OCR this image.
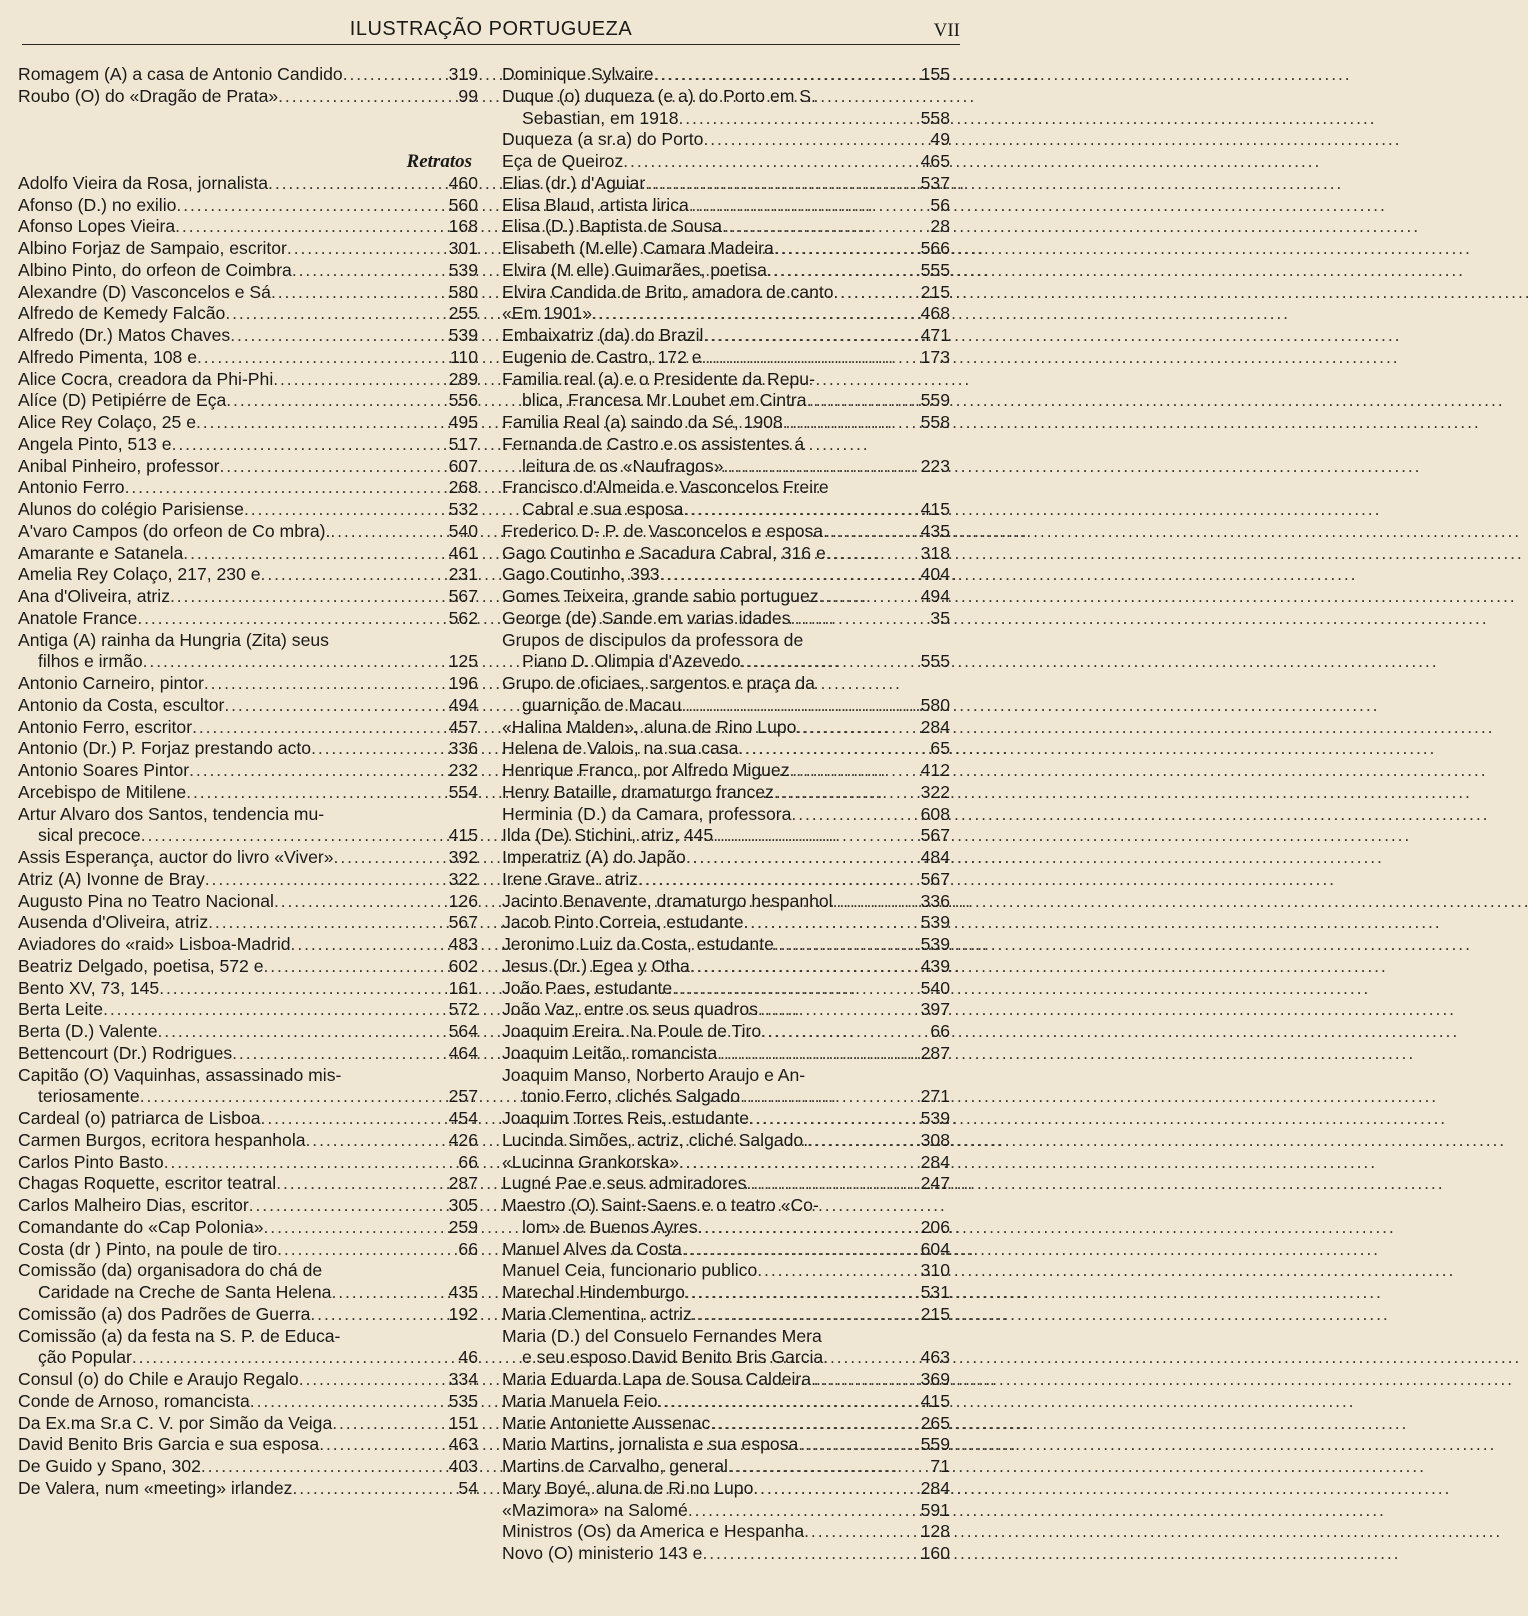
ILUSTRAÇÃO PORTUGUEZA	VII
Romagem (A) a casa de Antonio Candido . . .	319
Roubo (O) do «Dragão de Prata» . . .	99
Retratos
Adolfo Vieira da Rosa, jornalista . . .	460
Afonso (D.) no exilio . . .	560
Afonso Lopes Vieira . . .	168
Albino Forjaz de Sampaio, escritor . . .	301
Albino Pinto, do orfeon de Coimbra . . .	539
Alexandre (D) Vasconcelos e Sá . . .	580
Alfredo de Kemedy Falcão . . .	255
Alfredo (Dr.) Matos Chaves . . .	539
Alfredo Pimenta, 108 e . . .	110
Alice Cocra, creadora da Phi-Phi . . .	289
Alíce (D) Petipiérre de Eça . . .	556
Alice Rey Colaço, 25 e . . .	495
Angela Pinto, 513 e . . .	517
Anibal Pinheiro, professor . . .	607
Antonio Ferro . . .	268
Alunos do colégio Parisiense . . .	532
A'varo Campos (do orfeon de Co mbra). . . .	540
Amarante e Satanela . . .	461
Amelia Rey Colaço, 217, 230 e . . .	231
Ana d'Oliveira, atriz . . .	567
Anatole France . . .	562
Antiga (A) rainha da Hungria (Zita) seus
filhos e irmão . . .	125
Antonio Carneiro, pintor . . .	196
Antonio da Costa, escultor . . .	494
Antonio Ferro, escritor . . .	457
Antonio (Dr.) P. Forjaz prestando acto . . .	336
Antonio Soares Pintor . . .	232
Arcebispo de Mitilene . . .	554
Artur Alvaro dos Santos, tendencia mu-
sical precoce . . .	415
Assis Esperança, auctor do livro «Viver» . . .	392
Atriz (A) Ivonne de Bray . . .	322
Augusto Pina no Teatro Nacional . . .	126
Ausenda d'Oliveira, atriz . . .	567
Aviadores do «raid» Lisboa-Madrid . . .	483
Beatriz Delgado, poetisa, 572 e . . .	602
Bento XV, 73, 145 . . .	161
Berta Leite . . .	572
Berta (D.) Valente . . .	564
Bettencourt (Dr.) Rodrigues . . .	464
Capitão (O) Vaquinhas, assassinado mis-
teriosamente . . .	257
Cardeal (o) patriarca de Lisboa . . .	454
Carmen Burgos, ecritora hespanhola . . .	426
Carlos Pinto Basto . . .	66
Chagas Roquette, escritor teatral . . .	287
Carlos Malheiro Dias, escritor . . .	305
Comandante do «Cap Polonia» . . .	259
Costa (dr ) Pinto, na poule de tiro . . .	66
Comissão (da) organisadora do chá de
Caridade na Creche de Santa Helena . . .	435
Comissão (a) dos Padrões de Guerra . . .	192
Comissão (a) da festa na S. P. de Educa-
ção Popular . . .	46
Consul (o) do Chile e Araujo Regalo . . .	334
Conde de Arnoso, romancista . . .	535
Da Ex.ma Sr.a C. V. por Simão da Veiga . . .	151
David Benito Bris Garcia e sua esposa . . .	463
De Guido y Spano, 302 . . .	403
De Valera, num «meeting» irlandez . . .	54
Dominique Sylvaire . . .	155
Duque (o) duqueza (e a) do Porto em S.
Sebastian, em 1918 . . .	558
Duqueza (a sr.a) do Porto . . .	49
Eça de Queiroz . . .	465
Elias (dr.) d'Aguiar . . .	537
Elisa Blaud, artista lirica . . .	56
Elisa (D.) Baptista de Sousa . . .	28
Elisabeth (M.elle) Camara Madeira . . .	566
Elvira (M elle) Guimarães, poetisa . . .	555
Elvira Candida de Brito, amadora de canto . . .	215
«Em 1901» . . .	468
Embaixatriz (da) do Brazil . . .	471
Eugenio de Castro, 172 e . . .	173
Familia real (a) e o Presidente da Repu-
blica, Francesa Mr Loubet em Cintra . . .	559
Familia Real (a) saindo da Sé, 1908 . . .	558
Fernanda de Castro e os assistentes á
leitura de os «Naufragos» . . .	223
Francisco d'Almeida e Vasconcelos Freire
Cabral e sua esposa . . .	415
Frederico D- P. de Vasconcelos e esposa . . .	435
Gago Coutinho e Sacadura Cabral, 316 e . . .	318
Gago Coutinho, 393 . . .	404
Gomes Teixeira, grande sabio portuguez . . .	494
George (de) Sande em varias idades . . .	35
Grupos de discipulos da professora de
Piano D. Olimpia d'Azevedo . . .	555
Grupo de oficiaes, sargentos e praça da
guarnição de Macau . . .	580
«Halina Malden», aluna de Rino Lupo . . .	284
Helena de Valois, na sua casa . . .	65
Henrique Franco, por Alfredo Miguez . . .	412
Henry Bataille, dramaturgo francez . . .	322
Herminia (D.) da Camara, professora . . .	608
Ilda (De) Stichini, atriz, 445 . . .	567
Imperatriz (A) do Japão . . .	484
Irene Grave. atriz . . .	567
Jacinto Benavente, dramaturgo hespanhol . . .	336
Jacob Pinto Correia, estudante . . .	539
Jeronimo Luiz da Costa, estudante . . .	539
Jesus (Dr.) Egea y Otha . . .	439
João Paes, estudante . . .	540
João Vaz, entre os seus quadros . . .	397
Joaquim Ereira. Na Poule de Tiro . . .	66
Joaquim Leitão, romancista . . .	287
Joaquim Manso, Norberto Araujo e An-
tonio Ferro, clichés Salgado . . .	271
Joaquim Torres Reis, estudante . . .	539
Lucinda Simões, actriz, cliché Salgado. . . .	308
«Lucinna Grankorska» . . .	284
Lugné Pae e seus admiradores . . .	247
Maestro (O) Saint-Saens e o teatro «Co-
lom» de Buenos Ayres . . .	206
Manuel Alves da Costa . . .	604
Manuel Ceia, funcionario publico . . .	310
Marechal Hindemburgo . . .	531
Maria Clementina, actriz . . .	215
Maria (D.) del Consuelo Fernandes Mera
e seu esposo David Benito Bris Garcia . . .	463
Maria Eduarda Lapa de Sousa Caldeira. . . .	369
Maria Manuela Feio . . .	415
Marie Antoniette Aussenac . . .	265
Mario Martins, jornalista e sua esposa . . .	559
Martins de Carvalho, general . . .	71
Mary Boyé, aluna de Ri no Lupo . . .	284
«Mazimora» na Salomé . . .	591
Ministros (Os) da America e Hespanha . . .	128
Novo (O) ministerio 143 e . . .	160
